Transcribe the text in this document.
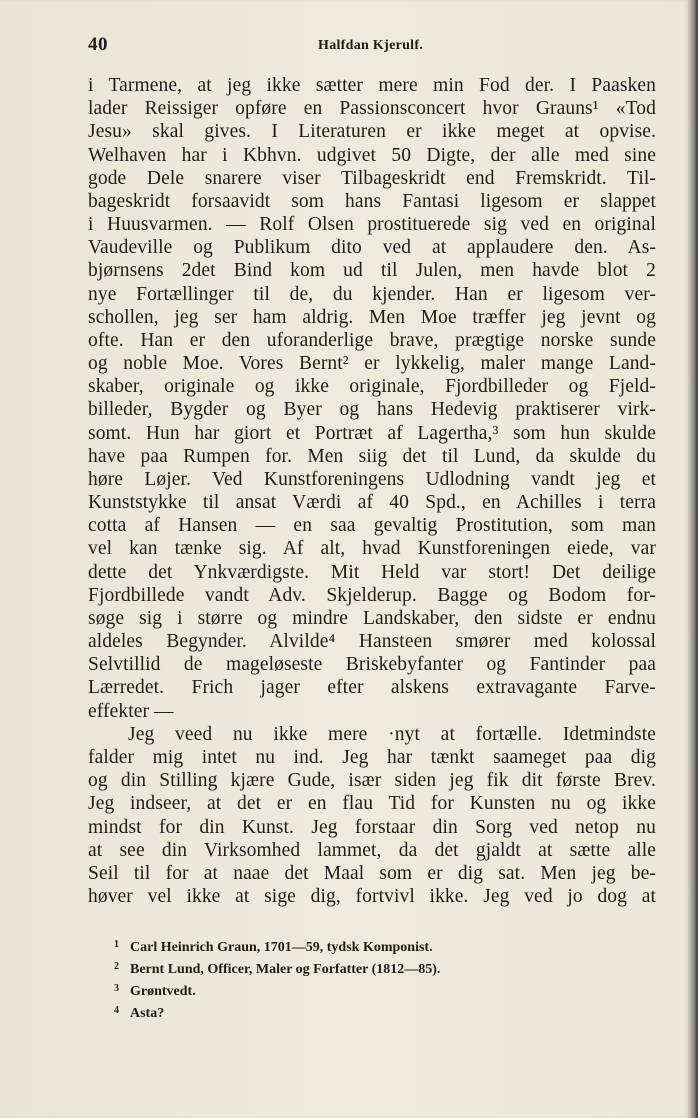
40	Halfdan Kjerulf.
i Tarmene, at jeg ikke sætter mere min Fod der. I Paasken
lader Reissiger opføre en Passionsconcert hvor Grauns¹ «Tod
Jesu» skal gives. I Literaturen er ikke meget at opvise.
Welhaven har i Kbhvn. udgivet 50 Digte, der alle med sine
gode Dele snarere viser Tilbageskridt end Fremskridt. Til-
bageskridt forsaavidt som hans Fantasi ligesom er slappet
i Huusvarmen. — Rolf Olsen prostituerede sig ved en original
Vaudeville og Publikum dito ved at applaudere den. As-
bjørnsens 2det Bind kom ud til Julen, men havde blot 2
nye Fortællinger til de, du kjender. Han er ligesom ver-
schollen, jeg ser ham aldrig. Men Moe træffer jeg jevnt og
ofte. Han er den uforanderlige brave, prægtige norske sunde
og noble Moe. Vores Bernt² er lykkelig, maler mange Land-
skaber, originale og ikke originale, Fjordbilleder og Fjeld-
billeder, Bygder og Byer og hans Hedevig praktiserer virk-
somt. Hun har giort et Portræt af Lagertha,³ som hun skulde
have paa Rumpen for. Men siig det til Lund, da skulde du
høre Løjer. Ved Kunstforeningens Udlodning vandt jeg et
Kunststykke til ansat Værdi af 40 Spd., en Achilles i terra
cotta af Hansen — en saa gevaltig Prostitution, som man
vel kan tænke sig. Af alt, hvad Kunstforeningen eiede, var
dette det Ynkværdigste. Mit Held var stort! Det deilige
Fjordbillede vandt Adv. Skjelderup. Bagge og Bodom for-
søge sig i større og mindre Landskaber, den sidste er endnu
aldeles Begynder. Alvilde⁴ Hansteen smører med kolossal
Selvtillid de mageløseste Briskebyfanter og Fantinder paa
Lærredet. Frich jager efter alskens extravagante Farve-
effekter —
Jeg veed nu ikke mere ·nyt at fortælle. Idetmindste
falder mig intet nu ind. Jeg har tænkt saameget paa dig
og din Stilling kjære Gude, især siden jeg fik dit første Brev.
Jeg indseer, at det er en flau Tid for Kunsten nu og ikke
mindst for din Kunst. Jeg forstaar din Sorg ved netop nu
at see din Virksomhed lammet, da det gjaldt at sætte alle
Seil til for at naae det Maal som er dig sat. Men jeg be-
høver vel ikke at sige dig, fortvivl ikke. Jeg ved jo dog at
1 Carl Heinrich Graun, 1701—59, tydsk Komponist.
2 Bernt Lund, Officer, Maler og Forfatter (1812—85).
3 Grøntvedt.
4 Asta?
